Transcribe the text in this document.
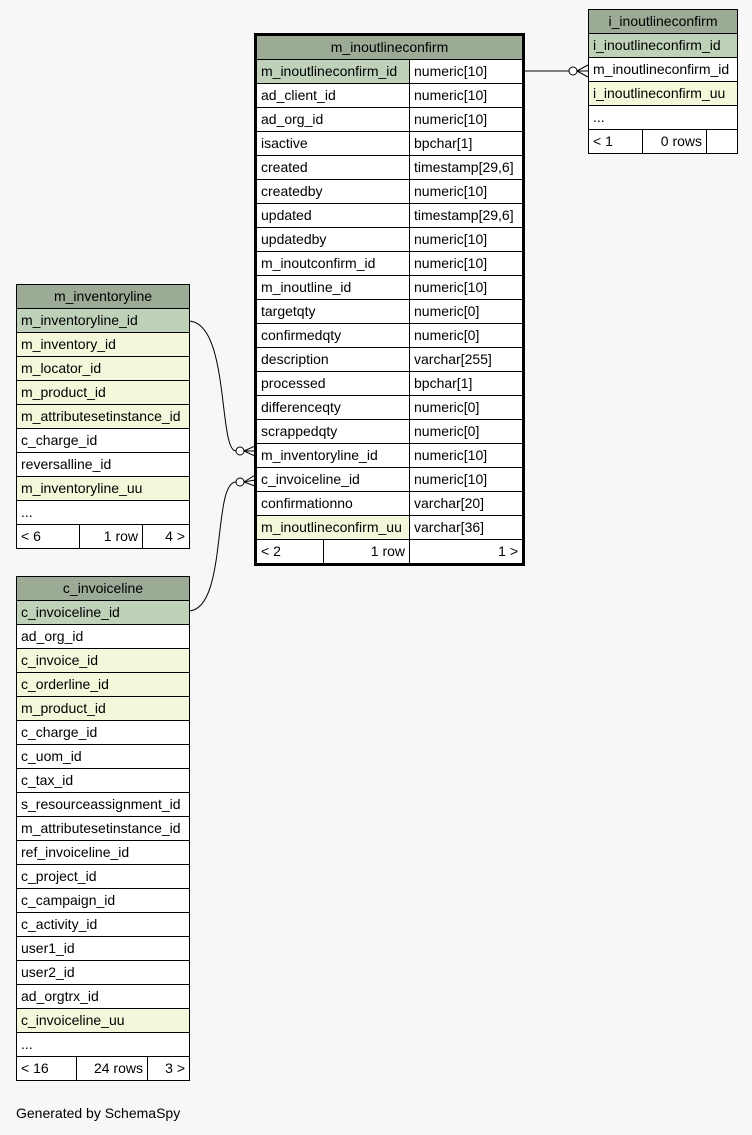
m_inoutlineconfirm		
m_inoutlineconfirm_id		numeric[10]
ad_client_id		numeric[10]
ad_org_id		numeric[10]
isactive		bpchar[1]
created		timestamp[29,6]
createdby		numeric[10]
updated		timestamp[29,6]
updatedby		numeric[10]
m_inoutconfirm_id		numeric[10]
m_inoutline_id		numeric[10]
targetqty		numeric[0]
confirmedqty		numeric[0]
description		varchar[255]
processed		bpchar[1]
differenceqty		numeric[0]
scrappedqty		numeric[0]
m_inventoryline_id		numeric[10]
c_invoiceline_id		numeric[10]
confirmationno		varchar[20]
m_inoutlineconfirm_uu		varchar[36]
< 2	1 row	1 >
i_inoutlineconfirm
i_inoutlineconfirm_id
m_inoutlineconfirm_id
i_inoutlineconfirm_uu
...
< 1	0 rows	
m_inventoryline
m_inventoryline_id
m_inventory_id
m_locator_id
m_product_id
m_attributesetinstance_id
c_charge_id
reversalline_id
m_inventoryline_uu
...
< 6	1 row	4 >
c_invoiceline
c_invoiceline_id
ad_org_id
c_invoice_id
c_orderline_id
m_product_id
c_charge_id
c_uom_id
c_tax_id
s_resourceassignment_id
m_attributesetinstance_id
ref_invoiceline_id
c_project_id
c_campaign_id
c_activity_id
user1_id
user2_id
ad_orgtrx_id
c_invoiceline_uu
...
< 16	24 rows	3 >
Generated by SchemaSpy
